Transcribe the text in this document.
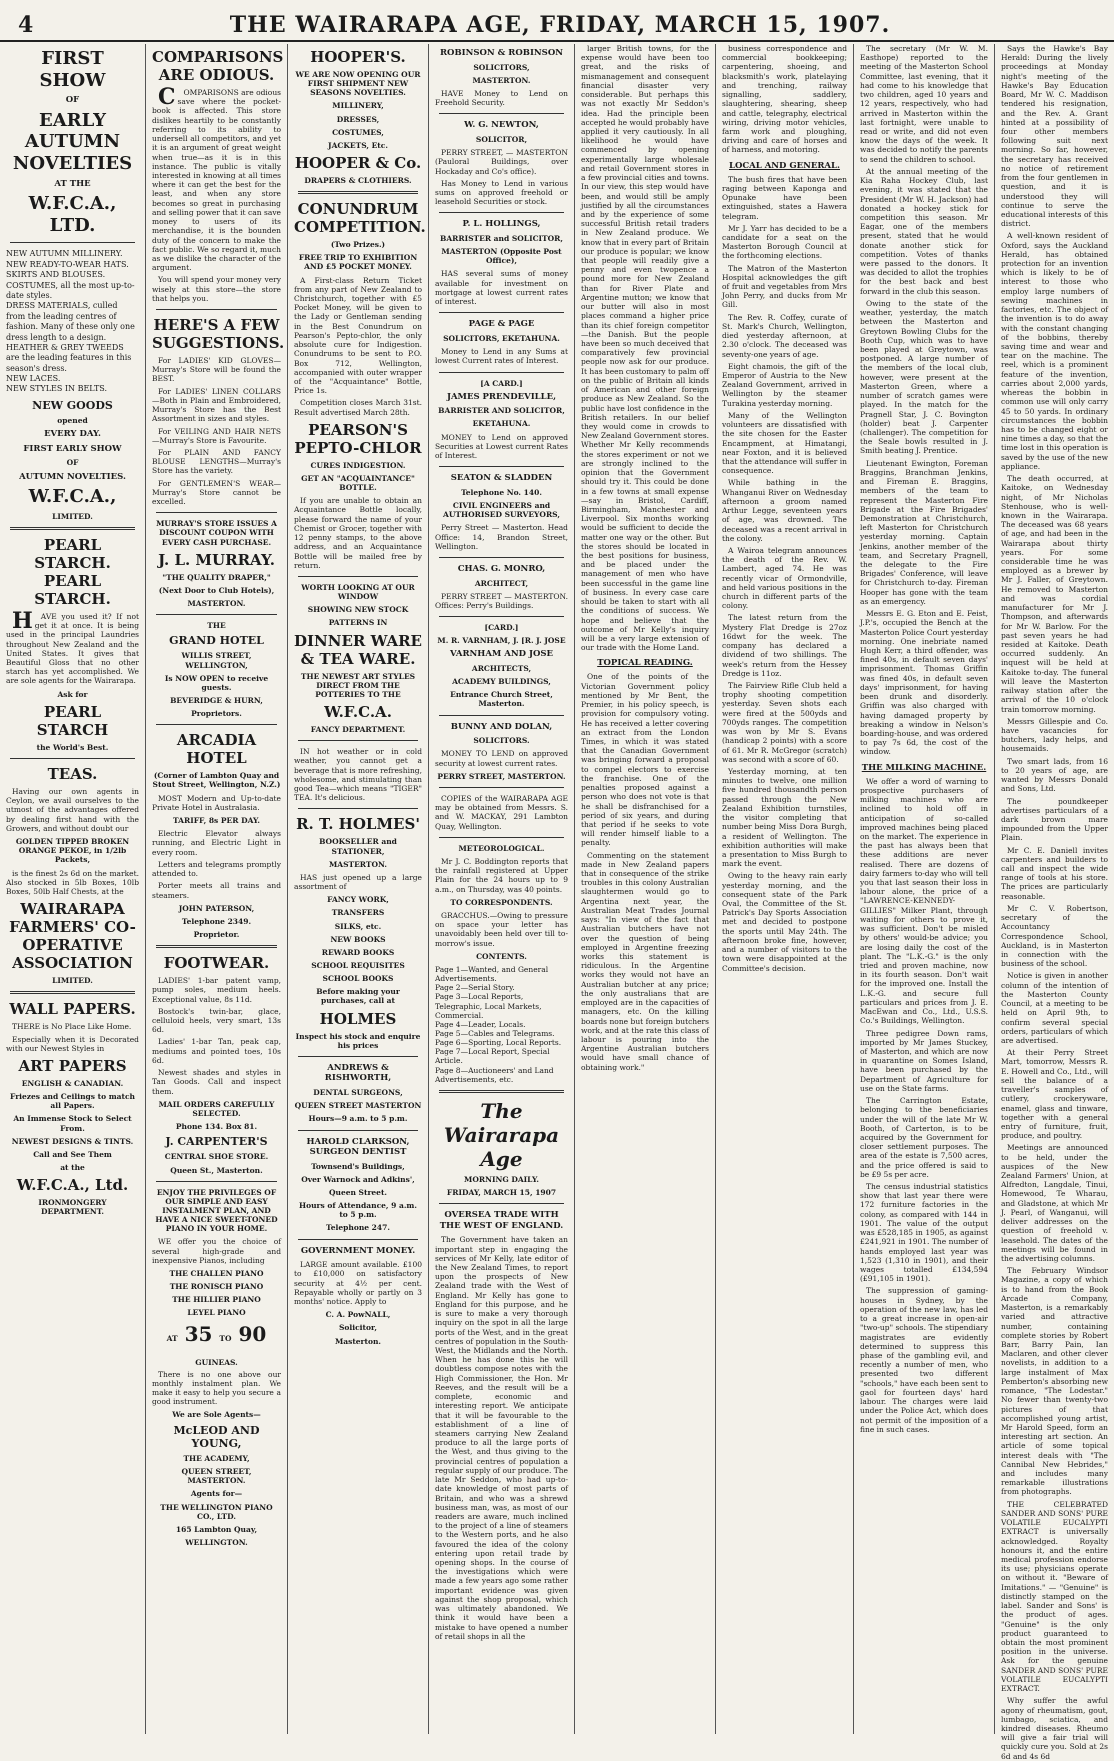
4	THE WAIRARAPA AGE, FRIDAY, MARCH 15, 1907.
FIRST SHOW
OF
EARLY AUTUMN NOVELTIES
AT THE
W.F.C.A., LTD.
NEW AUTUMN MILLINERY.
NEW READY-TO-WEAR HATS.
SKIRTS AND BLOUSES.
COSTUMES, all the most up-to-date styles.
DRESS MATERIALS, culled from the leading centres of fashion. Many of these only one dress length to a design.
HEATHER & GREY TWEEDS are the leading features in this season's dress.
NEW LACES.
NEW STYLES IN BELTS.
NEW GOODS
opened
EVERY DAY.
FIRST EARLY SHOW
OF
AUTUMN NOVELTIES.
W.F.C.A.,
LIMITED.
PEARL STARCH. PEARL STARCH.
HAVE you used it? If not get it at once. It is being used in the principal Laundries throughout New Zealand and the United States. It gives that Beautiful Gloss that no other starch has yet accomplished. We are sole agents for the Wairarapa.
Ask for
PEARL STARCH
the World's Best.
TEAS.
Having our own agents in Ceylon, we avail ourselves to the utmost of the advantages offered by dealing first hand with the Growers, and without doubt our
GOLDEN TIPPED BROKEN ORANGE PEKOE, in 1/2lb Packets,
is the finest 2s 6d on the market. Also stocked in 5lb Boxes, 10lb Boxes, 50lb Half Chests, at the
WAIRARAPA FARMERS' CO-OPERATIVE ASSOCIATION
LIMITED.
WALL PAPERS.
THERE is No Place Like Home.
Especially when it is Decorated with our Newest Styles in
ART PAPERS
ENGLISH & CANADIAN.
Friezes and Ceilings to match all Papers.
An Immense Stock to Select From.
NEWEST DESIGNS & TINTS.
Call and See Them
at the
W.F.C.A., Ltd.
IRONMONGERY DEPARTMENT.
COMPARISONS ARE ODIOUS.
COMPARISONS are odious save where the pocket-book is affected. This store dislikes heartily to be constantly referring to its ability to undersell all competitors, and yet it is an argument of great weight when true—as it is in this instance. The public is vitally interested in knowing at all times where it can get the best for the least, and when any store becomes so great in purchasing and selling power that it can save money to users of its merchandise, it is the bounden duty of the concern to make the fact public. We so regard it, much as we dislike the character of the argument.
You will spend your money very wisely at this store—the store that helps you.
HERE'S A FEW SUGGESTIONS.
For LADIES' KID GLOVES—Murray's Store will be found the BEST.
For LADIES' LINEN COLLARS—Both in Plain and Embroidered, Murray's Store has the Best Assortment in sizes and styles.
For VEILING AND HAIR NETS—Murray's Store is Favourite.
For PLAIN AND FANCY BLOUSE LENGTHS—Murray's Store has the variety.
For GENTLEMEN'S WEAR—Murray's Store cannot be excelled.
MURRAY'S STORE ISSUES A DISCOUNT COUPON WITH EVERY CASH PURCHASE.
J. L. MURRAY.
"THE QUALITY DRAPER,"
(Next Door to Club Hotels),
MASTERTON.
THE
GRAND HOTEL
WILLIS STREET, WELLINGTON,
Is NOW OPEN to receive guests.
BEVERIDGE & HURN,
Proprietors.
ARCADIA HOTEL
(Corner of Lambton Quay and Stout Street, Wellington, N.Z.)
MOST Modern and Up-to-date Private Hotel in Australasia.
TARIFF, 8s PER DAY.
Electric Elevator always running, and Electric Light in every room.
Letters and telegrams promptly attended to.
Porter meets all trains and steamers.
JOHN PATERSON,
Telephone 2349.
Proprietor.
FOOTWEAR.
LADIES' 1-bar patent vamp, pump soles, medium heels. Exceptional value, 8s 11d.
Bostock's twin-bar, glace, celluloid heels, very smart, 13s 6d.
Ladies' 1-bar Tan, peak cap, mediums and pointed toes, 10s 6d.
Newest shades and styles in Tan Goods. Call and inspect them.
MAIL ORDERS CAREFULLY SELECTED.
Phone 134. Box 81.
J. CARPENTER'S
CENTRAL SHOE STORE.
Queen St., Masterton.
ENJOY THE PRIVILEGES OF OUR SIMPLE AND EASY INSTALMENT PLAN, AND HAVE A NICE SWEET-TONED PIANO IN YOUR HOME.
WE offer you the choice of several high-grade and inexpensive Pianos, including
THE CHALLEN PIANO
THE RONISCH PIANO
THE HILLIER PIANO
LEYEL PIANO
AT 35 TO 90 GUINEAS.
There is no one above our monthly instalment plan. We make it easy to help you secure a good instrument.
We are Sole Agents—
McLEOD AND YOUNG,
THE ACADEMY,
QUEEN STREET, MASTERTON.
Agents for—
THE WELLINGTON PIANO CO., LTD.
165 Lambton Quay,
WELLINGTON.
HOOPER'S.
WE ARE NOW OPENING OUR FIRST SHIPMENT NEW SEASONS NOVELTIES.
MILLINERY,
DRESSES,
COSTUMES,
JACKETS, Etc.
HOOPER & Co.
DRAPERS & CLOTHIERS.
CONUNDRUM COMPETITION.
(Two Prizes.)
FREE TRIP TO EXHIBITION AND £5 POCKET MONEY.
A First-class Return Ticket from any part of New Zealand to Christchurch, together with £5 Pocket Money, will be given to the Lady or Gentleman sending in the Best Conundrum on Pearson's Pepto-chlor, the only absolute cure for Indigestion. Conundrums to be sent to P.O. Box 712, Wellington, accompanied with outer wrapper of the "Acquaintance" Bottle, Price 1s.
Competition closes March 31st. Result advertised March 28th.
PEARSON'S PEPTO-CHLOR
CURES INDIGESTION.
GET AN "ACQUAINTANCE" BOTTLE.
If you are unable to obtain an Acquaintance Bottle locally, please forward the name of your Chemist or Grocer, together with 12 penny stamps, to the above address, and an Acquaintance Bottle will be mailed free by return.
WORTH LOOKING AT OUR WINDOW
SHOWING NEW STOCK
PATTERNS IN
DINNER WARE & TEA WARE.
THE NEWEST ART STYLES DIRECT FROM THE POTTERIES TO THE
W.F.C.A.
FANCY DEPARTMENT.
IN hot weather or in cold weather, you cannot get a beverage that is more refreshing, wholesome, and stimulating than good Tea—which means "TIGER" TEA. It's delicious.
R. T. HOLMES'
BOOKSELLER and STATIONER,
MASTERTON.
HAS just opened up a large assortment of
FANCY WORK,
TRANSFERS
SILKS, etc.
NEW BOOKS
REWARD BOOKS
SCHOOL REQUISITES
SCHOOL BOOKS
Before making your purchases, call at
HOLMES
Inspect his stock and enquire his prices
ANDREWS & RISHWORTH,
DENTAL SURGEONS,
QUEEN STREET MASTERTON
Hours—9 a.m. to 5 p.m.
HAROLD CLARKSON, SURGEON DENTIST
Townsend's Buildings,
Over Warnock and Adkins',
Queen Street.
Hours of Attendance, 9 a.m. to 5 p.m.
Telephone 247.
GOVERNMENT MONEY.
LARGE amount available. £100 to £10,000 on satisfactory security at 4½ per cent. Repayable wholly or partly on 3 months' notice. Apply to
C. A. PowNALL,
Solicitor,
Masterton.
ROBINSON & ROBINSON
SOLICITORS,
MASTERTON.
HAVE Money to Lend on Freehold Security.
W. G. NEWTON,
SOLICITOR,
PERRY STREET, — MASTERTON (Pauloral Buildings, over Hockaday and Co's office).
Has Money to Lend in various sums on approved freehold or leasehold Securities or stock.
P. L. HOLLINGS,
BARRISTER and SOLICITOR,
MASTERTON (Opposite Post Office),
HAS several sums of money available for investment on mortgage at lowest current rates of interest.
PAGE & PAGE
SOLICITORS, EKETAHUNA.
Money to Lend in any Sums at lowest Current rates of Interest.
[A CARD.]
JAMES PRENDEVILLE,
BARRISTER AND SOLICITOR,
EKETAHUNA.
MONEY to Lend on approved Securities at Lowest current Rates of Interest.
SEATON & SLADDEN
Telephone No. 140.
CIVIL ENGINEERS and AUTHORISED SURVEYORS,
Perry Street — Masterton. Head Office: 14, Brandon Street, Wellington.
CHAS. G. MONRO,
ARCHITECT,
PERRY STREET — MASTERTON. Offices: Perry's Buildings.
[CARD.]
M. R. VARNHAM, J. [R. J. JOSE
VARNHAM AND JOSE
ARCHITECTS,
ACADEMY BUILDINGS,
Entrance Church Street, Masterton.
BUNNY AND DOLAN,
SOLICITORS.
MONEY TO LEND on approved security at lowest current rates.
PERRY STREET, MASTERTON.
COPIES of the WAIRARAPA AGE may be obtained from Messrs. S. and W. MACKAY, 291 Lambton Quay, Wellington.
METEOROLOGICAL.
Mr J. C. Boddington reports that the rainfall registered at Upper Plain for the 24 hours up to 9 a.m., on Thursday, was 40 points.
TO CORRESPONDENTS.
GRACCHUS.—Owing to pressure on space your letter has unavoidably been held over till to-morrow's issue.
CONTENTS.
Page 1—Wanted, and General Advertisements.
Page 2—Serial Story.
Page 3—Local Reports, Telegraphic, Local Markets, Commercial.
Page 4—Leader, Locals.
Page 5—Cables and Telegrams.
Page 6—Sporting, Local Reports.
Page 7—Local Report, Special Article.
Page 8—Auctioneers' and Land Advertisements, etc.
The Wairarapa Age
MORNING DAILY.
FRIDAY, MARCH 15, 1907
OVERSEA TRADE WITH THE WEST OF ENGLAND.
The Government have taken an important step in engaging the services of Mr Kelly, late editor of the New Zealand Times, to report upon the prospects of New Zealand trade with the West of England. Mr Kelly has gone to England for this purpose, and he is sure to make a very thorough inquiry on the spot in all the large ports of the West, and in the great centres of population in the South-West, the Midlands and the North. When he has done this he will doubtless compose notes with the High Commissioner, the Hon. Mr Reeves, and the result will be a complete, economic and interesting report. We anticipate that it will be favourable to the establishment of a line of steamers carrying New Zealand produce to all the large ports of the West, and thus giving to the provincial centres of population a regular supply of our produce. The late Mr Seddon, who had up-to-date knowledge of most parts of Britain, and who was a shrewd business man, was, as most of our readers are aware, much inclined to the project of a line of steamers to the Western ports, and he also favoured the idea of the colony entering upon retail trade by opening shops. In the course of the investigations which were made a few years ago some rather important evidence was given against the shop proposal, which was ultimately abandoned. We think it would have been a mistake to have opened a number of retail shops in all the
larger British towns, for the expense would have been too great, and the risks of mismanagement and consequent financial disaster very considerable. But perhaps this was not exactly Mr Seddon's idea. Had the principle been accepted he would probably have applied it very cautiously. In all likelihood he would have commenced by opening experimentally large wholesale and retail Government stores in a few provincial cities and towns. In our view, this step would have been, and would still be amply justified by all the circumstances and by the experience of some successful British retail traders in New Zealand produce. We know that in every part of Britain our produce is popular; we know that people will readily give a penny and even twopence a pound more for New Zealand than for River Plate and Argentine mutton; we know that our butter will also in most places command a higher price than its chief foreign competitor—the Danish. But the people have been so much deceived that comparatively few provincial people now ask for our produce. It has been customary to palm off on the public of Britain all kinds of American and other foreign produce as New Zealand. So the public have lost confidence in the British retailers. In our belief they would come in crowds to New Zealand Government stores. Whether Mr Kelly recommends the stores experiment or not we are strongly inclined to the opinion that the Government should try it. This could be done in a few towns at small expense—say in Bristol, Cardiff, Birmingham, Manchester and Liverpool. Six months working would be sufficient to decide the matter one way or the other. But the stores should be located in the best positions for business, and be placed under the management of men who have been successful in the game line of business. In every case care should be taken to start with all the conditions of success. We hope and believe that the outcome of Mr Kelly's inquiry will be a very large extension of our trade with the Home Land.
TOPICAL READING.
One of the points of the Victorian Government policy mentioned by Mr Bent, the Premier, in his policy speech, is provision for compulsory voting. He has received a letter covering an extract from the London Times, in which it was stated that the Canadian Government was bringing forward a proposal to compel electors to exercise the franchise. One of the penalties proposed against a person who does not vote is that he shall be disfranchised for a period of six years, and during that period if he seeks to vote will render himself liable to a penalty.
Commenting on the statement made in New Zealand papers that in consequence of the strike troubles in this colony Australian slaughtermen would go to Argentina next year, the Australian Meat Trades Journal says: "In view of the fact that Australian butchers have not over the question of being employed in Argentine freezing works this statement is ridiculous. In the Argentine works they would not have an Australian butcher at any price; the only australians that are employed are in the capacities of managers, etc. On the killing boards none but foreign butchers work, and at the rate this class of labour is pouring into the Argentine Australian butchers would have small chance of obtaining work."
business correspondence and commercial bookkeeping; carpentering, shoeing, and blacksmith's work, platelaying and trenching, railway signalling, saddlery, slaughtering, shearing, sheep and cattle, telegraphy, electrical wiring, driving motor vehicles, farm work and ploughing, driving and care of horses and of harness, and motoring.
LOCAL AND GENERAL.
The bush fires that have been raging between Kaponga and Opunake have been extinguished, states a Hawera telegram.
Mr J. Yarr has decided to be a candidate for a seat on the Masterton Borough Council at the forthcoming elections.
The Matron of the Masterton Hospital acknowledges the gift of fruit and vegetables from Mrs John Perry, and ducks from Mr Gill.
The Rev. R. Coffey, curate of St. Mark's Church, Wellington, died yesterday afternoon, at 2.30 o'clock. The deceased was seventy-one years of age.
Eight chamois, the gift of the Emperor of Austria to the New Zealand Government, arrived in Wellington by the steamer Turakina yesterday morning.
Many of the Wellington volunteers are dissatisfied with the site chosen for the Easter Encampment, at Himatangi, near Foxton, and it is believed that the attendance will suffer in consequence.
While bathing in the Whanganui River on Wednesday afternoon a groom named Arthur Legge, seventeen years of age, was drowned. The deceased was a recent arrival in the colony.
A Wairoa telegram announces the death of the Rev. W. Lambert, aged 74. He was recently vicar of Ormondville, and held various positions in the church in different parts of the colony.
The latest return from the Mystery Flat Dredge is 27oz 16dwt for the week. The company has declared a dividend of two shillings. The week's return from the Hessey Dredge is 11oz.
The Fairview Rifle Club held a trophy shooting competition yesterday. Seven shots each were fired at the 500yds and 700yds ranges. The competition was won by Mr S. Evans (handicap 2 points) with a score of 61. Mr R. McGregor (scratch) was second with a score of 60.
Yesterday morning, at ten minutes to twelve, one million five hundred thousandth person passed through the New Zealand Exhibition turnstiles, the visitor completing that number being Miss Dora Burgh, a resident of Wellington. The exhibition authorities will make a presentation to Miss Burgh to mark the event.
Owing to the heavy rain early yesterday morning, and the consequent state of the Park Oval, the Committee of the St. Patrick's Day Sports Association met and decided to postpone the sports until May 24th. The afternoon broke fine, however, and a number of visitors to the town were disappointed at the Committee's decision.
The secretary (Mr W. M. Easthope) reported to the meeting of the Masterton School Committee, last evening, that it had come to his knowledge that two children, aged 10 years and 12 years, respectively, who had arrived in Masterton within the last fortnight, were unable to read or write, and did not even know the days of the week. It was decided to notify the parents to send the children to school.
At the annual meeting of the Kia Raha Hockey Club, last evening, it was stated that the President (Mr W. H. Jackson) had donated a hockey stick for competition this season. Mr Eagar, one of the members present, stated that he would donate another stick for competition. Votes of thanks were passed to the donors. It was decided to allot the trophies for the best back and best forward in the club this season.
Owing to the state of the weather, yesterday, the match between the Masterton and Greytown Bowling Clubs for the Booth Cup, which was to have been played at Greytown, was postponed. A large number of the members of the local club, however, were present at the Masterton Green, where a number of scratch games were played. In the match for the Pragnell Star, J. C. Bovington (holder) beat J. Carpenter (challenger). The competition for the Seale bowls resulted in J. Smith beating J. Prentice.
Lieutenant Ewington, Foreman Braggins, Branchman Jenkins, and Fireman E. Braggins, members of the team to represent the Masterton Fire Brigade at the Fire Brigades' Demonstration at Christchurch, left Masterton for Christchurch yesterday morning. Captain Jenkins, another member of the team, and Secretary Pragnell, the delegate to the Fire Brigades' Conference, will leave for Christchurch to-day. Fireman Hooper has gone with the team as an emergency.
Messrs E. G. Eton and E. Feist, J.P.'s, occupied the Bench at the Masterton Police Court yesterday morning. One inebriate named Hugh Kerr, a third offender, was fined 40s, in default seven days' imprisonment. Thomas Griffin was fined 40s, in default seven days' imprisonment, for having been drunk and disorderly. Griffin was also charged with having damaged property by breaking a window in Nelson's boarding-house, and was ordered to pay 7s 6d, the cost of the window.
THE MILKING MACHINE.
We offer a word of warning to prospective purchasers of milking machines who are inclined to hold off in anticipation of so-called improved machines being placed on the market. The experience in the past has always been that these additions are never realised. There are dozens of dairy farmers to-day who will tell you that last season their loss in labour alone, the price of a "LAWRENCE-KENNEDY-GILLIES" Milker Plant, through waiting for others to prove it, was sufficient. Don't be misled by others' would-be advice; you are losing daily the cost of the plant. The "L.K.-G." is the only tried and proven machine, now in its fourth season. Don't wait for the improved one. Install the L.K.-G. and secure full particulars and prices from J. E. MacEwan and Co., Ltd., U.S.S. Co.'s Buildings, Wellington.
Three pedigree Down rams, imported by Mr James Stuckey, of Masterton, and which are now in quarantine on Somes Island, have been purchased by the Department of Agriculture for use on the State farms.
The Carrington Estate, belonging to the beneficiaries under the will of the late Mr W. Booth, of Carterton, is to be acquired by the Government for closer settlement purposes. The area of the estate is 7,500 acres, and the price offered is said to be £9 5s per acre.
The census industrial statistics show that last year there were 172 furniture factories in the colony, as compared with 144 in 1901. The value of the output was £528,185 in 1905, as against £241,921 in 1901. The number of hands employed last year was 1,523 (1,310 in 1901), and their wages totalled £134,594 (£91,105 in 1901).
The suppression of gaming-houses in Sydney, by the operation of the new law, has led to a great increase in open-air "two-up" schools. The stipendiary magistrates are evidently determined to suppress this phase of the gambling evil, and recently a number of men, who presented two different "schools," have each been sent to gaol for fourteen days' hard labour. The charges were laid under the Police Act, which does not permit of the imposition of a fine in such cases.
Says the Hawke's Bay Herald: During the lively proceedings at Monday night's meeting of the Hawke's Bay Education Board, Mr W. C. Maddison tendered his resignation, and the Rev. A. Grant hinted at a possibility of four other members following suit next morning. So far, however, the secretary has received no notice of retirement from the four gentlemen in question, and it is understood they will continue to serve the educational interests of this district.
A well-known resident of Oxford, says the Auckland Herald, has obtained protection for an invention which is likely to be of interest to those who employ large numbers of sewing machines in factories, etc. The object of the invention is to do away with the constant changing of the bobbins, thereby saving time and wear and tear on the machine. The reel, which is a prominent feature of the invention, carries about 2,000 yards, whereas the bobbin in common use will only carry 45 to 50 yards. In ordinary circumstances the bobbin has to be changed eight or nine times a day, so that the time lost in this operation is saved by the use of the new appliance.
The death occurred, at Kaitoke, on Wednesday night, of Mr Nicholas Stenhouse, who is well-known in the Wairarapa. The deceased was 68 years of age, and had been in the Wairarapa about thirty years. For some considerable time he was employed as a brewer by Mr J. Faller, of Greytown. He removed to Masterton and was cordial manufacturer for Mr J. Thompson, and afterwards for Mr W. Barlow. For the past seven years he had resided at Kaitoke. Death occurred suddenly. An inquest will be held at Kaitoke to-day. The funeral will leave the Masterton railway station after the arrival of the 10 o'clock train tomorrow morning.
Messrs Gillespie and Co. have vacancies for butchers, lady helps, and housemaids.
Two smart lads, from 16 to 20 years of age, are wanted by Messrs Donald and Sons, Ltd.
The poundkeeper advertises particulars of a dark brown mare impounded from the Upper Plain.
Mr C. E. Daniell invites carpenters and builders to call and inspect the wide range of tools at his store. The prices are particularly reasonable.
Mr C. V. Robertson, secretary of the Accountancy Correspondence School, Auckland, is in Masterton in connection with the business of the school.
Notice is given in another column of the intention of the Masterton County Council, at a meeting to be held on April 9th, to confirm several special orders, particulars of which are advertised.
At their Perry Street Mart, tomorrow, Messrs R. E. Howell and Co., Ltd., will sell the balance of a traveller's samples of cutlery, crockeryware, enamel, glass and tinware, together with a general entry of furniture, fruit, produce, and poultry.
Meetings are announced to be held, under the auspices of the New Zealand Farmers' Union, at Alfredton, Langdale, Tinui, Homewood, Te Wharau, and Gladstone, at which Mr J. Pearl, of Wanganui, will deliver addresses on the question of freehold v. leasehold. The dates of the meetings will be found in the advertising columns.
The February Windsor Magazine, a copy of which is to hand from the Book Arcade Company, Masterton, is a remarkably varied and attractive number, containing complete stories by Robert Barr, Barry Pain, Ian Maclaren, and other clever novelists, in addition to a large instalment of Max Pemberton's absorbing new romance, "The Lodestar." No fewer than twenty-two pictures of that accomplished young artist, Mr Harold Speed, form an interesting art section. An article of some topical interest deals with "The Cannibal New Hebrides," and includes many remarkable illustrations from photographs.
THE CELEBRATED SANDER AND SONS' PURE VOLATILE EUCALYPTI EXTRACT is universally acknowledged. Royalty honours it, and the entire medical profession endorse its use; physicians operate on without it. "Beware of Imitations." — "Genuine" is distinctly stamped on the label. Sander and Sons' is the product of ages. "Genuine" is the only product guaranteed to obtain the most prominent position in the universe. Ask for the genuine SANDER AND SONS' PURE VOLATILE EUCALYPTI EXTRACT.
Why suffer the awful agony of rheumatism, gout, lumbago, sciatica, and kindred diseases. Rheumo will give a fair trial will quickly cure you. Sold at 2s 6d and 4s 6d
